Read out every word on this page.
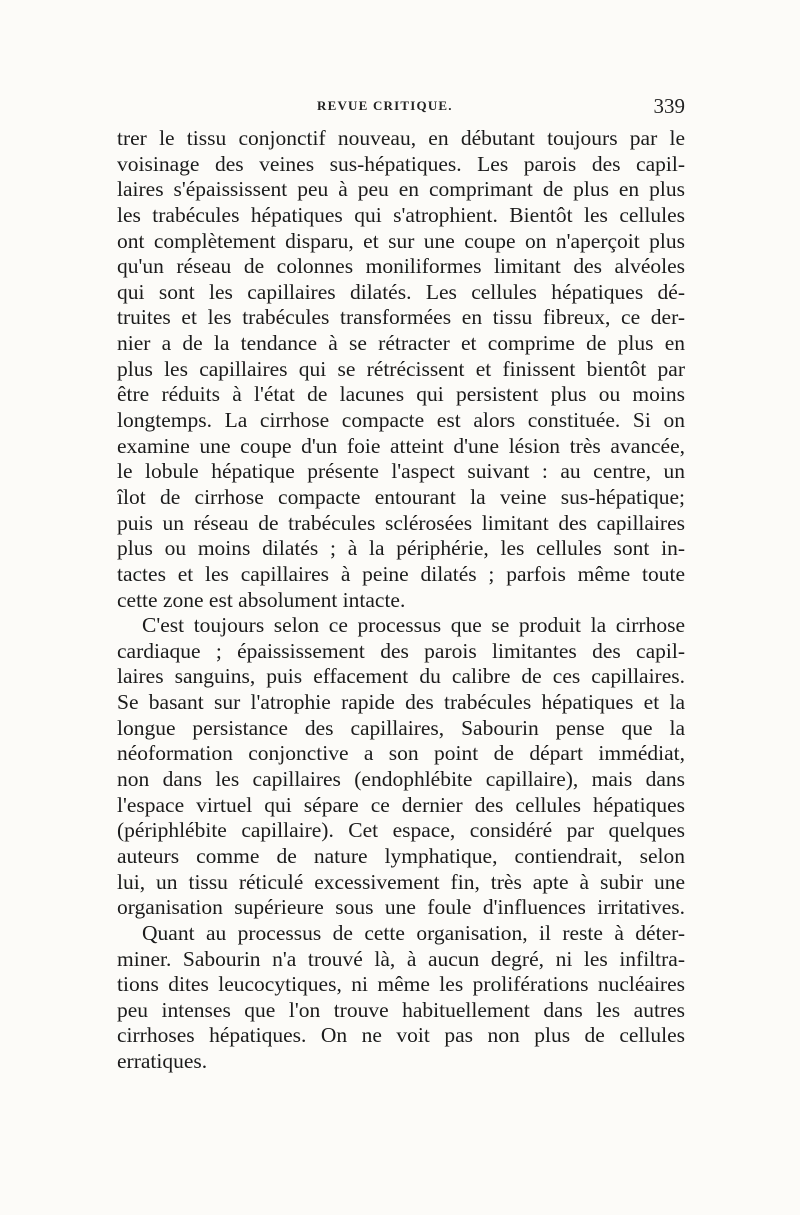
REVUE CRITIQUE.	339
trer le tissu conjonctif nouveau, en débutant toujours par le
voisinage des veines sus-hépatiques. Les parois des capil-
laires s'épaississent peu à peu en comprimant de plus en plus
les trabécules hépatiques qui s'atrophient. Bientôt les cellules
ont complètement disparu, et sur une coupe on n'aperçoit plus
qu'un réseau de colonnes moniliformes limitant des alvéoles
qui sont les capillaires dilatés. Les cellules hépatiques dé-
truites et les trabécules transformées en tissu fibreux, ce der-
nier a de la tendance à se rétracter et comprime de plus en
plus les capillaires qui se rétrécissent et finissent bientôt par
être réduits à l'état de lacunes qui persistent plus ou moins
longtemps. La cirrhose compacte est alors constituée. Si on
examine une coupe d'un foie atteint d'une lésion très avancée,
le lobule hépatique présente l'aspect suivant : au centre, un
îlot de cirrhose compacte entourant la veine sus-hépatique;
puis un réseau de trabécules sclérosées limitant des capillaires
plus ou moins dilatés ; à la périphérie, les cellules sont in-
tactes et les capillaires à peine dilatés ; parfois même toute
cette zone est absolument intacte.
C'est toujours selon ce processus que se produit la cirrhose
cardiaque ; épaississement des parois limitantes des capil-
laires sanguins, puis effacement du calibre de ces capillaires.
Se basant sur l'atrophie rapide des trabécules hépatiques et la
longue persistance des capillaires, Sabourin pense que la
néoformation conjonctive a son point de départ immédiat,
non dans les capillaires (endophlébite capillaire), mais dans
l'espace virtuel qui sépare ce dernier des cellules hépatiques
(périphlébite capillaire). Cet espace, considéré par quelques
auteurs comme de nature lymphatique, contiendrait, selon
lui, un tissu réticulé excessivement fin, très apte à subir une
organisation supérieure sous une foule d'influences irritatives.
Quant au processus de cette organisation, il reste à déter-
miner. Sabourin n'a trouvé là, à aucun degré, ni les infiltra-
tions dites leucocytiques, ni même les proliférations nucléaires
peu intenses que l'on trouve habituellement dans les autres
cirrhoses hépatiques. On ne voit pas non plus de cellules
erratiques.
